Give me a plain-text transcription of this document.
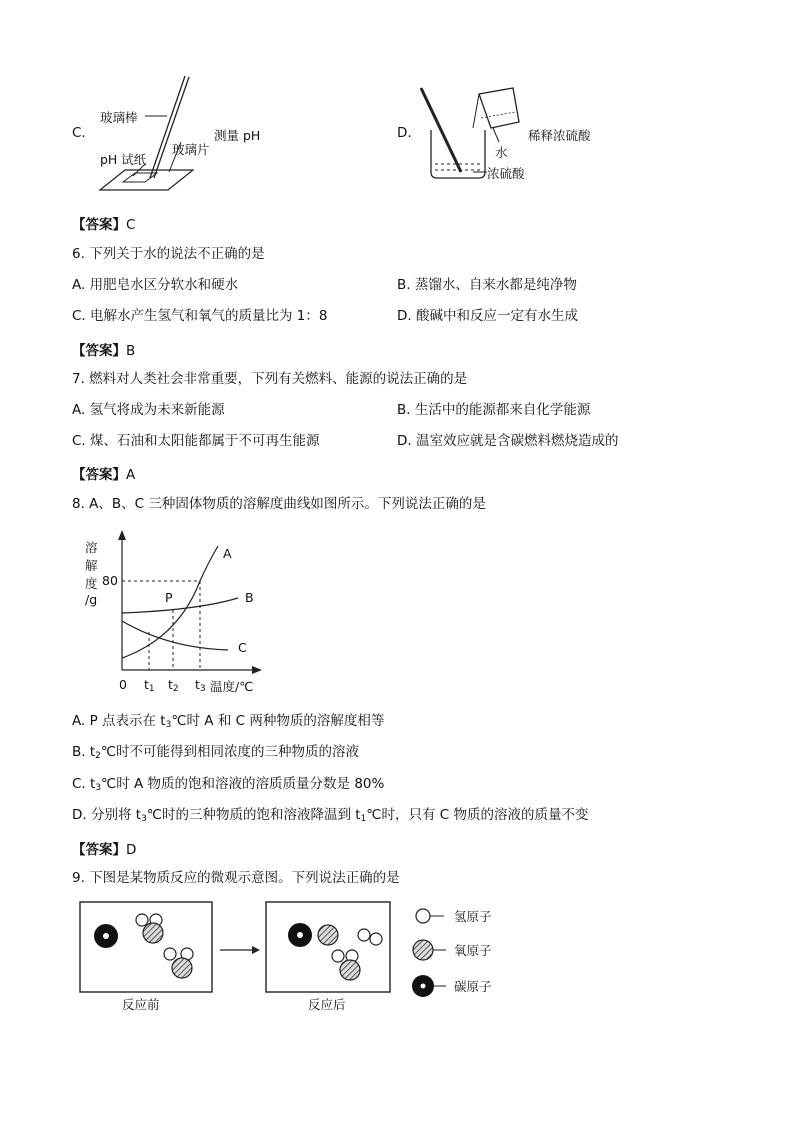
C.
玻璃棒
测量 pH
玻璃片
pH 试纸
D.	稀释浓硫酸
水
浓硫酸
【答案】C
6. 下列关于水的说法不正确的是
A. 用肥皂水区分软水和硬水	B. 蒸馏水、自来水都是纯净物
C. 电解水产生氢气和氧气的质量比为 1：8	D. 酸碱中和反应一定有水生成
【答案】B
7. 燃料对人类社会非常重要，下列有关燃料、能源的说法正确的是
A. 氢气将成为未来新能源	B. 生活中的能源都来自化学能源
C. 煤、石油和太阳能都属于不可再生能源	D. 温室效应就是含碳燃料燃烧造成的
【答案】A
8. A、B、C 三种固体物质的溶解度曲线如图所示。下列说法正确的是
溶
解
度
/g
80
P
A
B
C
0 $t_1$ $t_2$ $t_3$ 温度/℃
A. P 点表示在 $t_3℃$时 A 和 C 两种物质的溶解度相等
B. $t_2℃$时不可能得到相同浓度的三种物质的溶液
C. $t_3℃$时 A 物质的饱和溶液的溶质质量分数是 80%
D. 分别将 $t_3℃$时的三种物质的饱和溶液降温到 $t_1℃$时，只有 C 物质的溶液的质量不变
【答案】D
9. 下图是某物质反应的微观示意图。下列说法正确的是
氢原子
氧原子
碳原子
反应前	反应后
